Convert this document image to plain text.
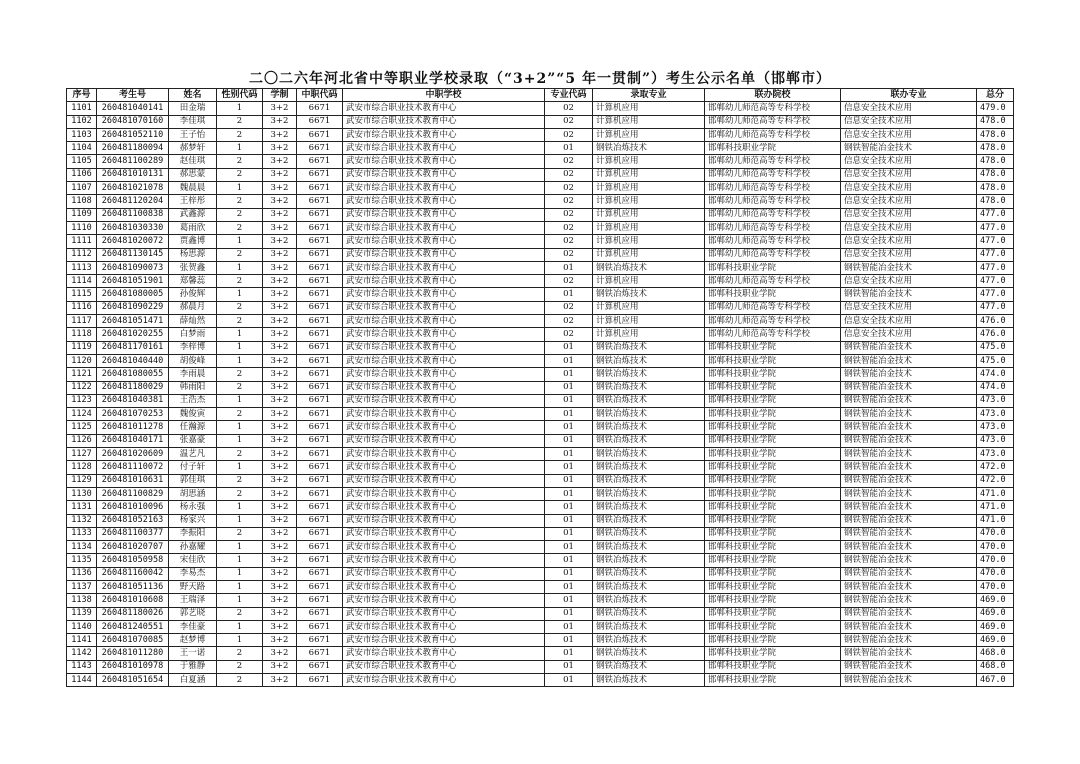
二〇二六年河北省中等职业学校录取（“3+2”“5 年一贯制”）考生公示名单（邯郸市）
序号	考生号	姓名	性别代码	学制	中职代码	中职学校	专业代码	录取专业	联办院校	联办专业	总分
1101	260481040141	田金瑞	1	3+2	6671	武安市综合职业技术教育中心	02	计算机应用	邯郸幼儿师范高等专科学校	信息安全技术应用	479.0
1102	260481070160	李佳琪	2	3+2	6671	武安市综合职业技术教育中心	02	计算机应用	邯郸幼儿师范高等专科学校	信息安全技术应用	478.0
1103	260481052110	王子怡	2	3+2	6671	武安市综合职业技术教育中心	02	计算机应用	邯郸幼儿师范高等专科学校	信息安全技术应用	478.0
1104	260481180094	郝梦轩	1	3+2	6671	武安市综合职业技术教育中心	01	钢铁冶炼技术	邯郸科技职业学院	钢铁智能冶金技术	478.0
1105	260481100289	赵佳琪	2	3+2	6671	武安市综合职业技术教育中心	02	计算机应用	邯郸幼儿师范高等专科学校	信息安全技术应用	478.0
1106	260481010131	郝思蒙	2	3+2	6671	武安市综合职业技术教育中心	02	计算机应用	邯郸幼儿师范高等专科学校	信息安全技术应用	478.0
1107	260481021078	魏晨晨	1	3+2	6671	武安市综合职业技术教育中心	02	计算机应用	邯郸幼儿师范高等专科学校	信息安全技术应用	478.0
1108	260481120204	王梓彤	2	3+2	6671	武安市综合职业技术教育中心	02	计算机应用	邯郸幼儿师范高等专科学校	信息安全技术应用	478.0
1109	260481100838	武鑫源	2	3+2	6671	武安市综合职业技术教育中心	02	计算机应用	邯郸幼儿师范高等专科学校	信息安全技术应用	477.0
1110	260481030330	葛雨欣	2	3+2	6671	武安市综合职业技术教育中心	02	计算机应用	邯郸幼儿师范高等专科学校	信息安全技术应用	477.0
1111	260481020072	贾鑫博	1	3+2	6671	武安市综合职业技术教育中心	02	计算机应用	邯郸幼儿师范高等专科学校	信息安全技术应用	477.0
1112	260481130145	杨思源	2	3+2	6671	武安市综合职业技术教育中心	02	计算机应用	邯郸幼儿师范高等专科学校	信息安全技术应用	477.0
1113	260481090073	张贺鑫	1	3+2	6671	武安市综合职业技术教育中心	01	钢铁冶炼技术	邯郸科技职业学院	钢铁智能冶金技术	477.0
1114	260481051901	郑馨蕊	2	3+2	6671	武安市综合职业技术教育中心	02	计算机应用	邯郸幼儿师范高等专科学校	信息安全技术应用	477.0
1115	260481080005	孙俊辉	1	3+2	6671	武安市综合职业技术教育中心	01	钢铁冶炼技术	邯郸科技职业学院	钢铁智能冶金技术	477.0
1116	260481090229	郝晨月	2	3+2	6671	武安市综合职业技术教育中心	02	计算机应用	邯郸幼儿师范高等专科学校	信息安全技术应用	477.0
1117	260481051471	薛灿然	2	3+2	6671	武安市综合职业技术教育中心	02	计算机应用	邯郸幼儿师范高等专科学校	信息安全技术应用	476.0
1118	260481020255	白梦雨	1	3+2	6671	武安市综合职业技术教育中心	02	计算机应用	邯郸幼儿师范高等专科学校	信息安全技术应用	476.0
1119	260481170161	李梓博	1	3+2	6671	武安市综合职业技术教育中心	01	钢铁冶炼技术	邯郸科技职业学院	钢铁智能冶金技术	475.0
1120	260481040440	胡俊峰	1	3+2	6671	武安市综合职业技术教育中心	01	钢铁冶炼技术	邯郸科技职业学院	钢铁智能冶金技术	475.0
1121	260481080055	李雨晨	2	3+2	6671	武安市综合职业技术教育中心	01	钢铁冶炼技术	邯郸科技职业学院	钢铁智能冶金技术	474.0
1122	260481180029	韩雨阳	2	3+2	6671	武安市综合职业技术教育中心	01	钢铁冶炼技术	邯郸科技职业学院	钢铁智能冶金技术	474.0
1123	260481040381	王浩杰	1	3+2	6671	武安市综合职业技术教育中心	01	钢铁冶炼技术	邯郸科技职业学院	钢铁智能冶金技术	473.0
1124	260481070253	魏俊寅	2	3+2	6671	武安市综合职业技术教育中心	01	钢铁冶炼技术	邯郸科技职业学院	钢铁智能冶金技术	473.0
1125	260481011278	任瀚源	1	3+2	6671	武安市综合职业技术教育中心	01	钢铁冶炼技术	邯郸科技职业学院	钢铁智能冶金技术	473.0
1126	260481040171	张嘉豪	1	3+2	6671	武安市综合职业技术教育中心	01	钢铁冶炼技术	邯郸科技职业学院	钢铁智能冶金技术	473.0
1127	260481020609	温艺凡	2	3+2	6671	武安市综合职业技术教育中心	01	钢铁冶炼技术	邯郸科技职业学院	钢铁智能冶金技术	473.0
1128	260481110072	付子轩	1	3+2	6671	武安市综合职业技术教育中心	01	钢铁冶炼技术	邯郸科技职业学院	钢铁智能冶金技术	472.0
1129	260481010631	郭佳琪	2	3+2	6671	武安市综合职业技术教育中心	01	钢铁冶炼技术	邯郸科技职业学院	钢铁智能冶金技术	472.0
1130	260481100829	胡思涵	2	3+2	6671	武安市综合职业技术教育中心	01	钢铁冶炼技术	邯郸科技职业学院	钢铁智能冶金技术	471.0
1131	260481010096	杨永强	1	3+2	6671	武安市综合职业技术教育中心	01	钢铁冶炼技术	邯郸科技职业学院	钢铁智能冶金技术	471.0
1132	260481052163	杨家兴	1	3+2	6671	武安市综合职业技术教育中心	01	钢铁冶炼技术	邯郸科技职业学院	钢铁智能冶金技术	471.0
1133	260481100377	李振阳	2	3+2	6671	武安市综合职业技术教育中心	01	钢铁冶炼技术	邯郸科技职业学院	钢铁智能冶金技术	470.0
1134	260481020707	孙嘉耀	1	3+2	6671	武安市综合职业技术教育中心	01	钢铁冶炼技术	邯郸科技职业学院	钢铁智能冶金技术	470.0
1135	260481050958	宋佳欣	1	3+2	6671	武安市综合职业技术教育中心	01	钢铁冶炼技术	邯郸科技职业学院	钢铁智能冶金技术	470.0
1136	260481160042	李易杰	1	3+2	6671	武安市综合职业技术教育中心	01	钢铁冶炼技术	邯郸科技职业学院	钢铁智能冶金技术	470.0
1137	260481051136	野天路	1	3+2	6671	武安市综合职业技术教育中心	01	钢铁冶炼技术	邯郸科技职业学院	钢铁智能冶金技术	470.0
1138	260481010608	王瑞泽	1	3+2	6671	武安市综合职业技术教育中心	01	钢铁冶炼技术	邯郸科技职业学院	钢铁智能冶金技术	469.0
1139	260481180026	郭艺晓	2	3+2	6671	武安市综合职业技术教育中心	01	钢铁冶炼技术	邯郸科技职业学院	钢铁智能冶金技术	469.0
1140	260481240551	李佳豪	1	3+2	6671	武安市综合职业技术教育中心	01	钢铁冶炼技术	邯郸科技职业学院	钢铁智能冶金技术	469.0
1141	260481070085	赵梦博	1	3+2	6671	武安市综合职业技术教育中心	01	钢铁冶炼技术	邯郸科技职业学院	钢铁智能冶金技术	469.0
1142	260481011280	王一诺	2	3+2	6671	武安市综合职业技术教育中心	01	钢铁冶炼技术	邯郸科技职业学院	钢铁智能冶金技术	468.0
1143	260481010978	于雅静	2	3+2	6671	武安市综合职业技术教育中心	01	钢铁冶炼技术	邯郸科技职业学院	钢铁智能冶金技术	468.0
1144	260481051654	白夏涵	2	3+2	6671	武安市综合职业技术教育中心	01	钢铁冶炼技术	邯郸科技职业学院	钢铁智能冶金技术	467.0
